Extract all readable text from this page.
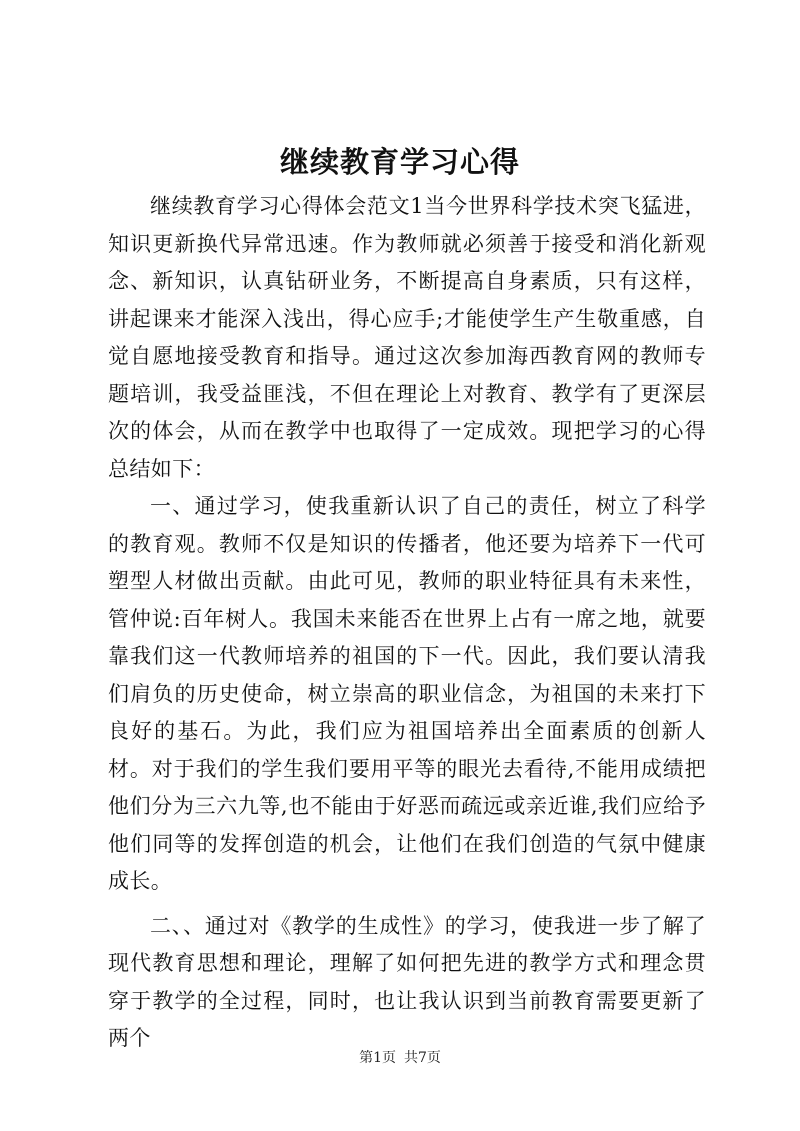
继续教育学习心得

继续教育学习心得体会范文1当今世界科学技术突飞猛进，知识更新换代异常迅速。作为教师就必须善于接受和消化新观念、新知识，认真钻研业务，不断提高自身素质，只有这样，讲起课来才能深入浅出，得心应手;才能使学生产生敬重感，自觉自愿地接受教育和指导。通过这次参加海西教育网的教师专题培训，我受益匪浅，不但在理论上对教育、教学有了更深层次的体会，从而在教学中也取得了一定成效。现把学习的心得总结如下：

一、通过学习，使我重新认识了自己的责任，树立了科学的教育观。教师不仅是知识的传播者，他还要为培养下一代可塑型人材做出贡献。由此可见，教师的职业特征具有未来性，管仲说:百年树人。我国未来能否在世界上占有一席之地，就要靠我们这一代教师培养的祖国的下一代。因此，我们要认清我们肩负的历史使命，树立崇高的职业信念，为祖国的未来打下良好的基石。为此，我们应为祖国培养出全面素质的创新人材。对于我们的学生我们要用平等的眼光去看待,不能用成绩把他们分为三六九等,也不能由于好恶而疏远或亲近谁,我们应给予他们同等的发挥创造的机会，让他们在我们创造的气氛中健康成长。

二、、通过对《教学的生成性》的学习，使我进一步了解了现代教育思想和理论，理解了如何把先进的教学方式和理念贯穿于教学的全过程，同时，也让我认识到当前教育需要更新了两个

第1页 共7页
